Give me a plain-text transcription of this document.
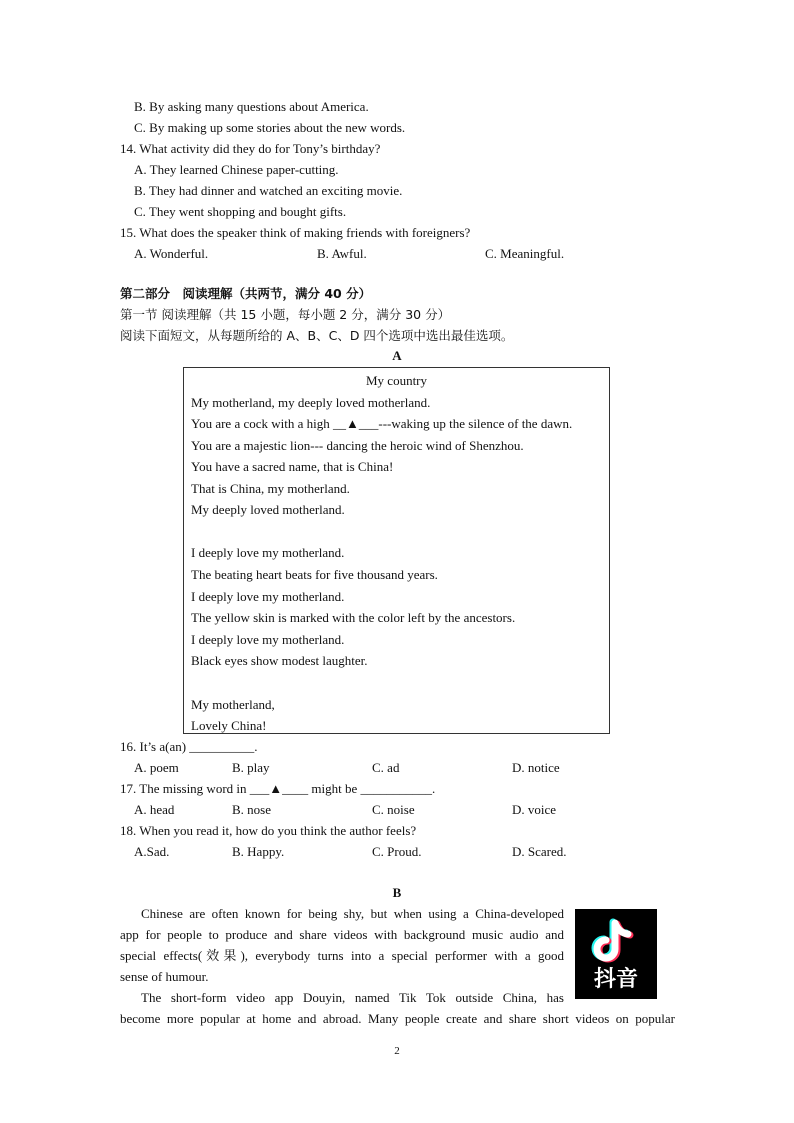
B. By asking many questions about America.
C. By making up some stories about the new words.
14. What activity did they do for Tony’s birthday?
A. They learned Chinese paper-cutting.
B. They had dinner and watched an exciting movie.
C. They went shopping and bought gifts.
15. What does the speaker think of making friends with foreigners?
A. Wonderful.	B. Awful.	C. Meaningful.
第二部分　阅读理解（共两节，满分 40 分）
第一节 阅读理解（共 15 小题，每小题 2 分，满分 30 分）
阅读下面短文，从每题所给的 A、B、C、D 四个选项中选出最佳选项。
A
My country
My motherland, my deeply loved motherland.
You are a cock with a high __▲___---waking up the silence of the dawn.
You are a majestic lion--- dancing the heroic wind of Shenzhou.
You have a sacred name, that is China!
That is China, my motherland.
My deeply loved motherland.
I deeply love my motherland.
The beating heart beats for five thousand years.
I deeply love my motherland.
The yellow skin is marked with the color left by the ancestors.
I deeply love my motherland.
Black eyes show modest laughter.
My motherland,
Lovely China!
16. It’s a(an) __________.
A. poem	B. play	C. ad	D. notice
17. The missing word in ___▲____ might be ___________.
A. head	B. nose	C. noise	D. voice
18. When you read it, how do you think the author feels?
A.Sad.	B. Happy.	C. Proud.	D. Scared.
B
Chinese are often known for being shy, but when using a China-developed
app for people to produce and share videos with background music audio and
special effects(效果), everybody turns into a special performer with a good
sense of humour.
The short-form video app Douyin, named Tik Tok outside China, has
become more popular at home and abroad. Many people create and share short videos on popular
抖音
2
